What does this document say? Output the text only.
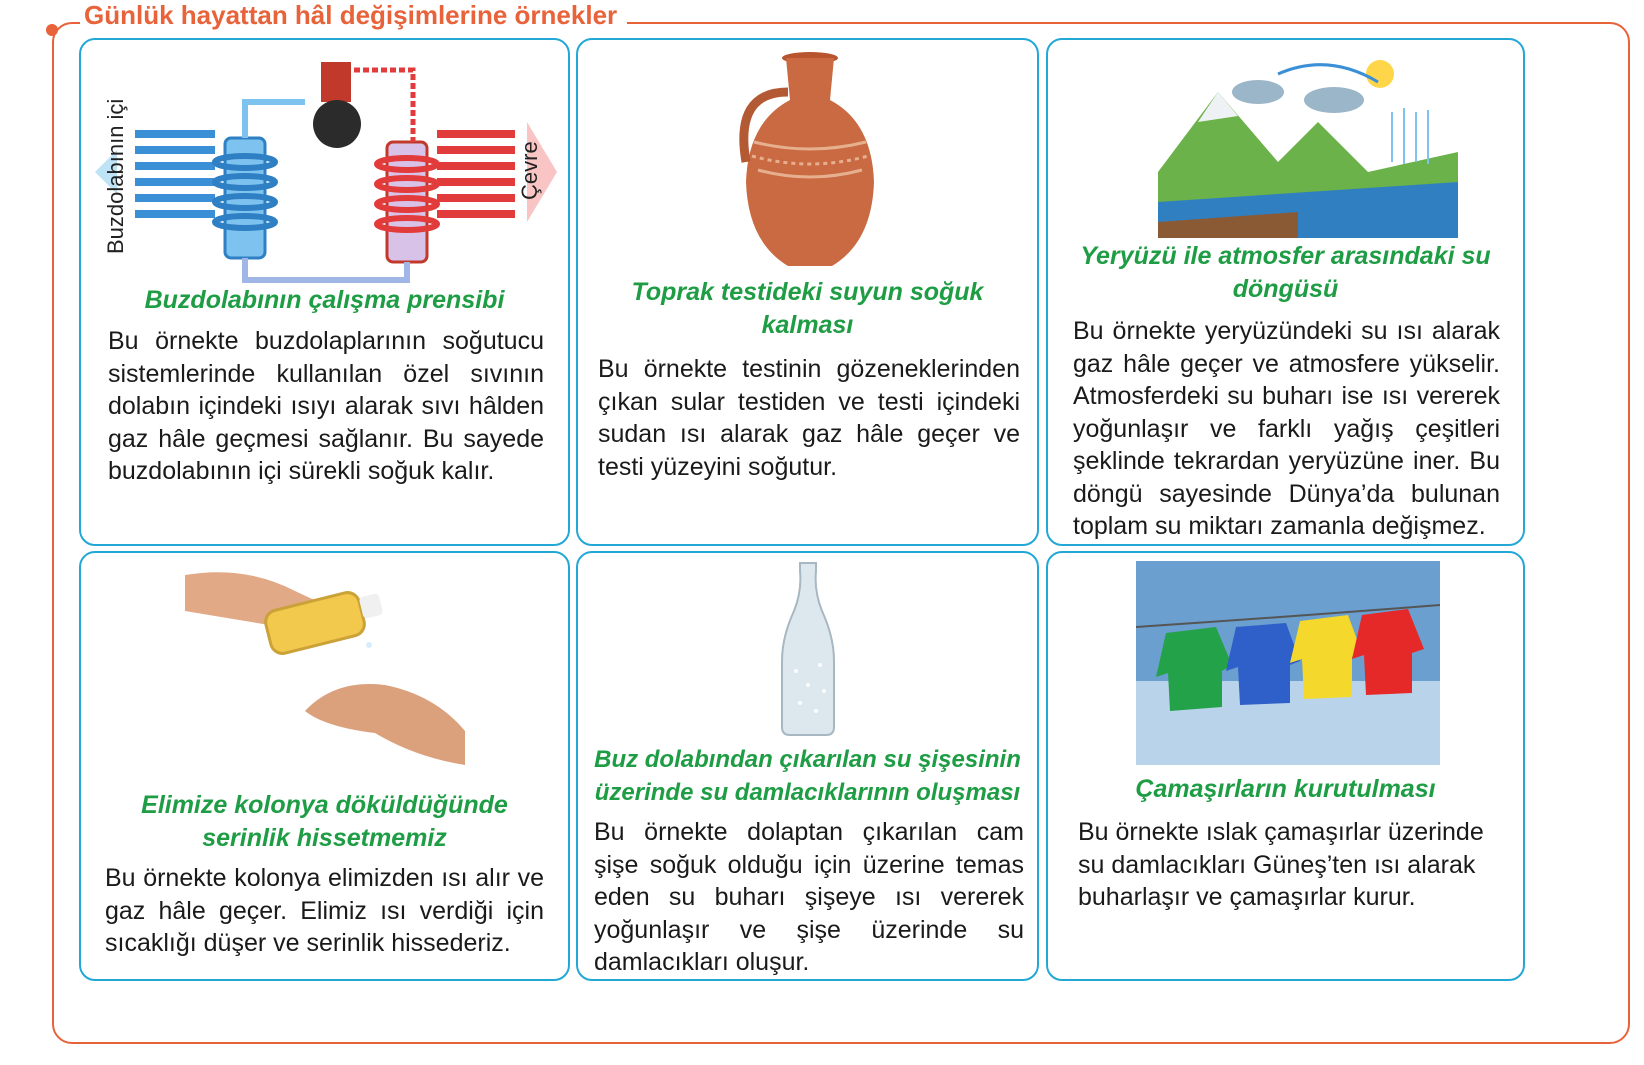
Günlük hayattan hâl değişimlerine örnekler
Buzdolabının içi	Çevre
Buzdolabının çalışma prensibi

Bu örnekte buzdolaplarının soğutucu sistemlerinde kullanılan özel sıvının dolabın içindeki ısıyı alarak sıvı hâlden gaz hâle geçmesi sağlanır. Bu sayede buzdolabının içi sürekli soğuk kalır.

Toprak testideki suyun soğuk kalması

Bu örnekte testinin gözeneklerinden çıkan sular testiden ve testi içindeki sudan ısı alarak gaz hâle geçer ve testi yüzeyini soğutur.

Yeryüzü ile atmosfer arasındaki su döngüsü

Bu örnekte yeryüzündeki su ısı alarak gaz hâle geçer ve atmosfere yükselir. Atmosferdeki su buharı ise ısı vererek yoğunlaşır ve farklı yağış çeşitleri şeklinde tekrardan yeryüzüne iner. Bu döngü sayesinde Dünya’da bulunan toplam su miktarı zamanla değişmez.

Elimize kolonya döküldüğünde serinlik hissetmemiz

Bu örnekte kolonya elimizden ısı alır ve gaz hâle geçer. Elimiz ısı verdiği için sıcaklığı düşer ve serinlik hissederiz.

Buz dolabından çıkarılan su şişesinin üzerinde su damlacıklarının oluşması

Bu örnekte dolaptan çıkarılan cam şişe soğuk olduğu için üzerine temas eden su buharı şişeye ısı vererek yoğunlaşır ve şişe üzerinde su damlacıkları oluşur.

Çamaşırların kurutulması

Bu örnekte ıslak çamaşırlar üzerinde su damlacıkları Güneş’ten ısı alarak buharlaşır ve çamaşırlar kurur.
